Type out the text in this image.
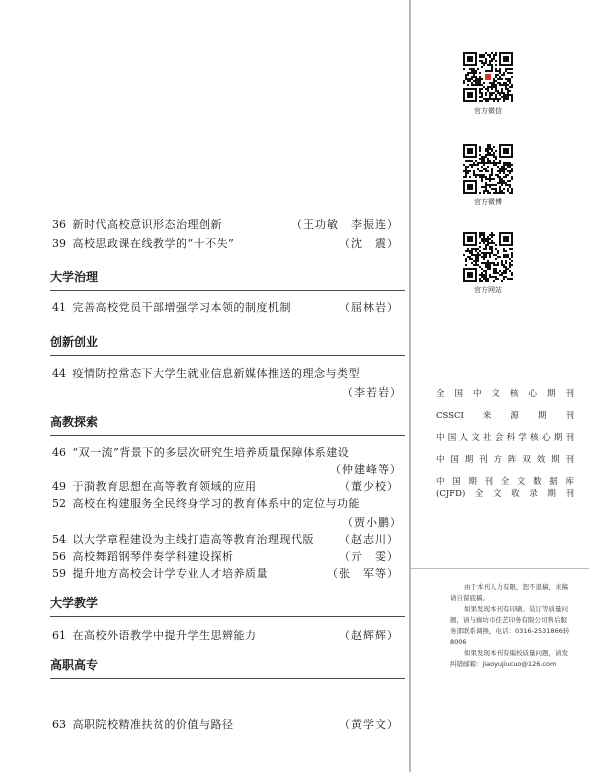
36 新时代高校意识形态治理创新	（王功敏　李振连）
39 高校思政课在线教学的“十不失”	（沈　震）
大学治理
41 完善高校党员干部增强学习本领的制度机制	（屈林岩）
创新创业
44 疫情防控常态下大学生就业信息新媒体推送的理念与类型
（李若岩）
高教探索
46 “双一流”背景下的多层次研究生培养质量保障体系建设
（仲建峰等）
49 于漪教育思想在高等教育领域的应用	（董少校）
52 高校在构建服务全民终身学习的教育体系中的定位与功能
（贾小鹏）
54 以大学章程建设为主线打造高等教育治理现代版 （赵志川）
56 高校舞蹈钢琴伴奏学科建设探析	（亓　雯）
59 提升地方高校会计学专业人才培养质量	（张　军等）
大学教学
61 在高校外语教学中提升学生思辨能力	（赵辉辉）
高职高专
63 高职院校精准扶贫的价值与路径	（黄学文）
官方微信
官方微博
官方网站
全国中文核心期刊
CSSCI来源期刊
中国人文社会科学核心期刊
中国期刊方阵双效期刊
中国期刊全文数据库
(CJFD)全文收录期刊

由于本刊人力有限，恕不退稿，来稿请自留底稿。

如果发现本刊有印刷、装订等质量问题，请与廊坊市佳艺印务有限公司售后服务部联系调换，电话：0316-2531866转8006

如果发现本刊有编校质量问题，请发纠错邮箱：jiaoyujiucuo@126.com
